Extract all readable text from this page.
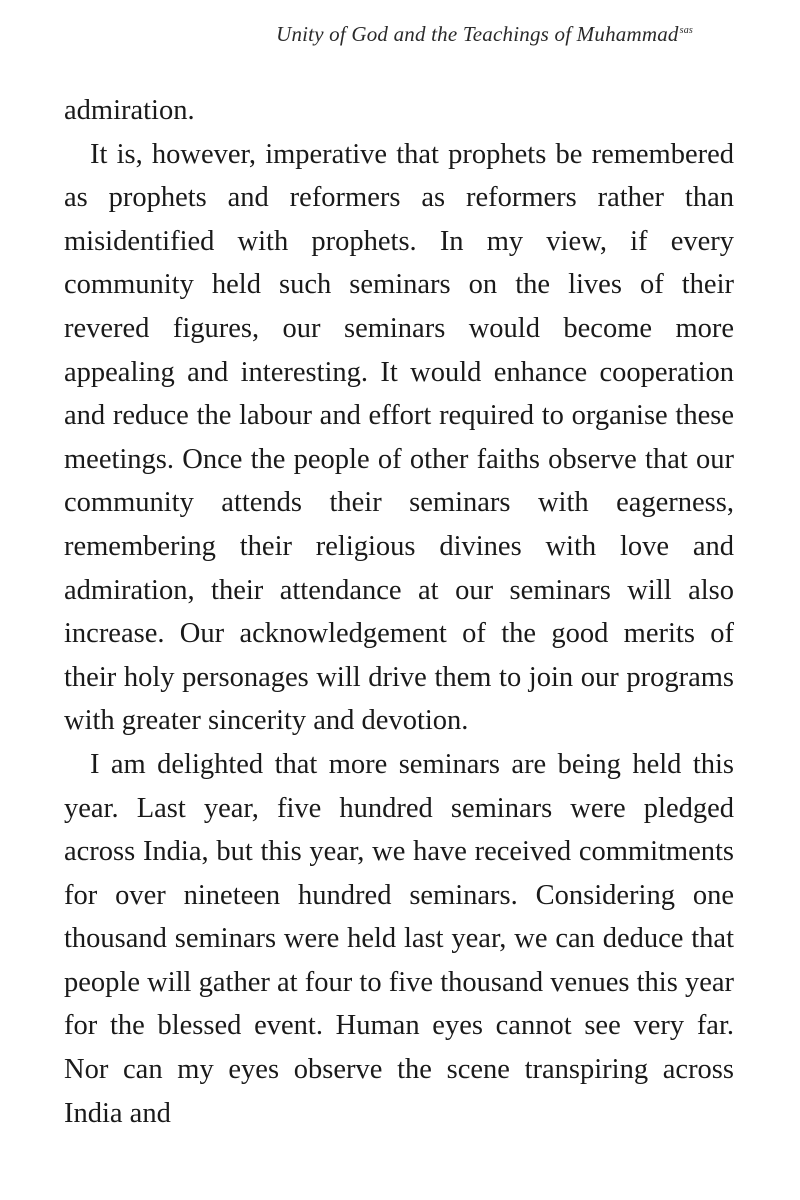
Unity of God and the Teachings of Muhammad$^{sas}$

admiration.

It is, however, imperative that prophets be remembered as prophets and reformers as reformers rather than misidentified with prophets. In my view, if every community held such seminars on the lives of their revered figures, our seminars would become more appealing and interesting. It would enhance cooperation and reduce the labour and effort required to organise these meetings. Once the people of other faiths observe that our community attends their seminars with eagerness, remembering their religious divines with love and admiration, their attendance at our seminars will also increase. Our acknowledgement of the good merits of their holy personages will drive them to join our programs with greater sincerity and devotion.

I am delighted that more seminars are being held this year. Last year, five hundred seminars were pledged across India, but this year, we have received commitments for over nineteen hundred seminars. Considering one thousand seminars were held last year, we can deduce that people will gather at four to five thousand venues this year for the blessed event. Human eyes cannot see very far. Nor can my eyes observe the scene transpiring across India and
